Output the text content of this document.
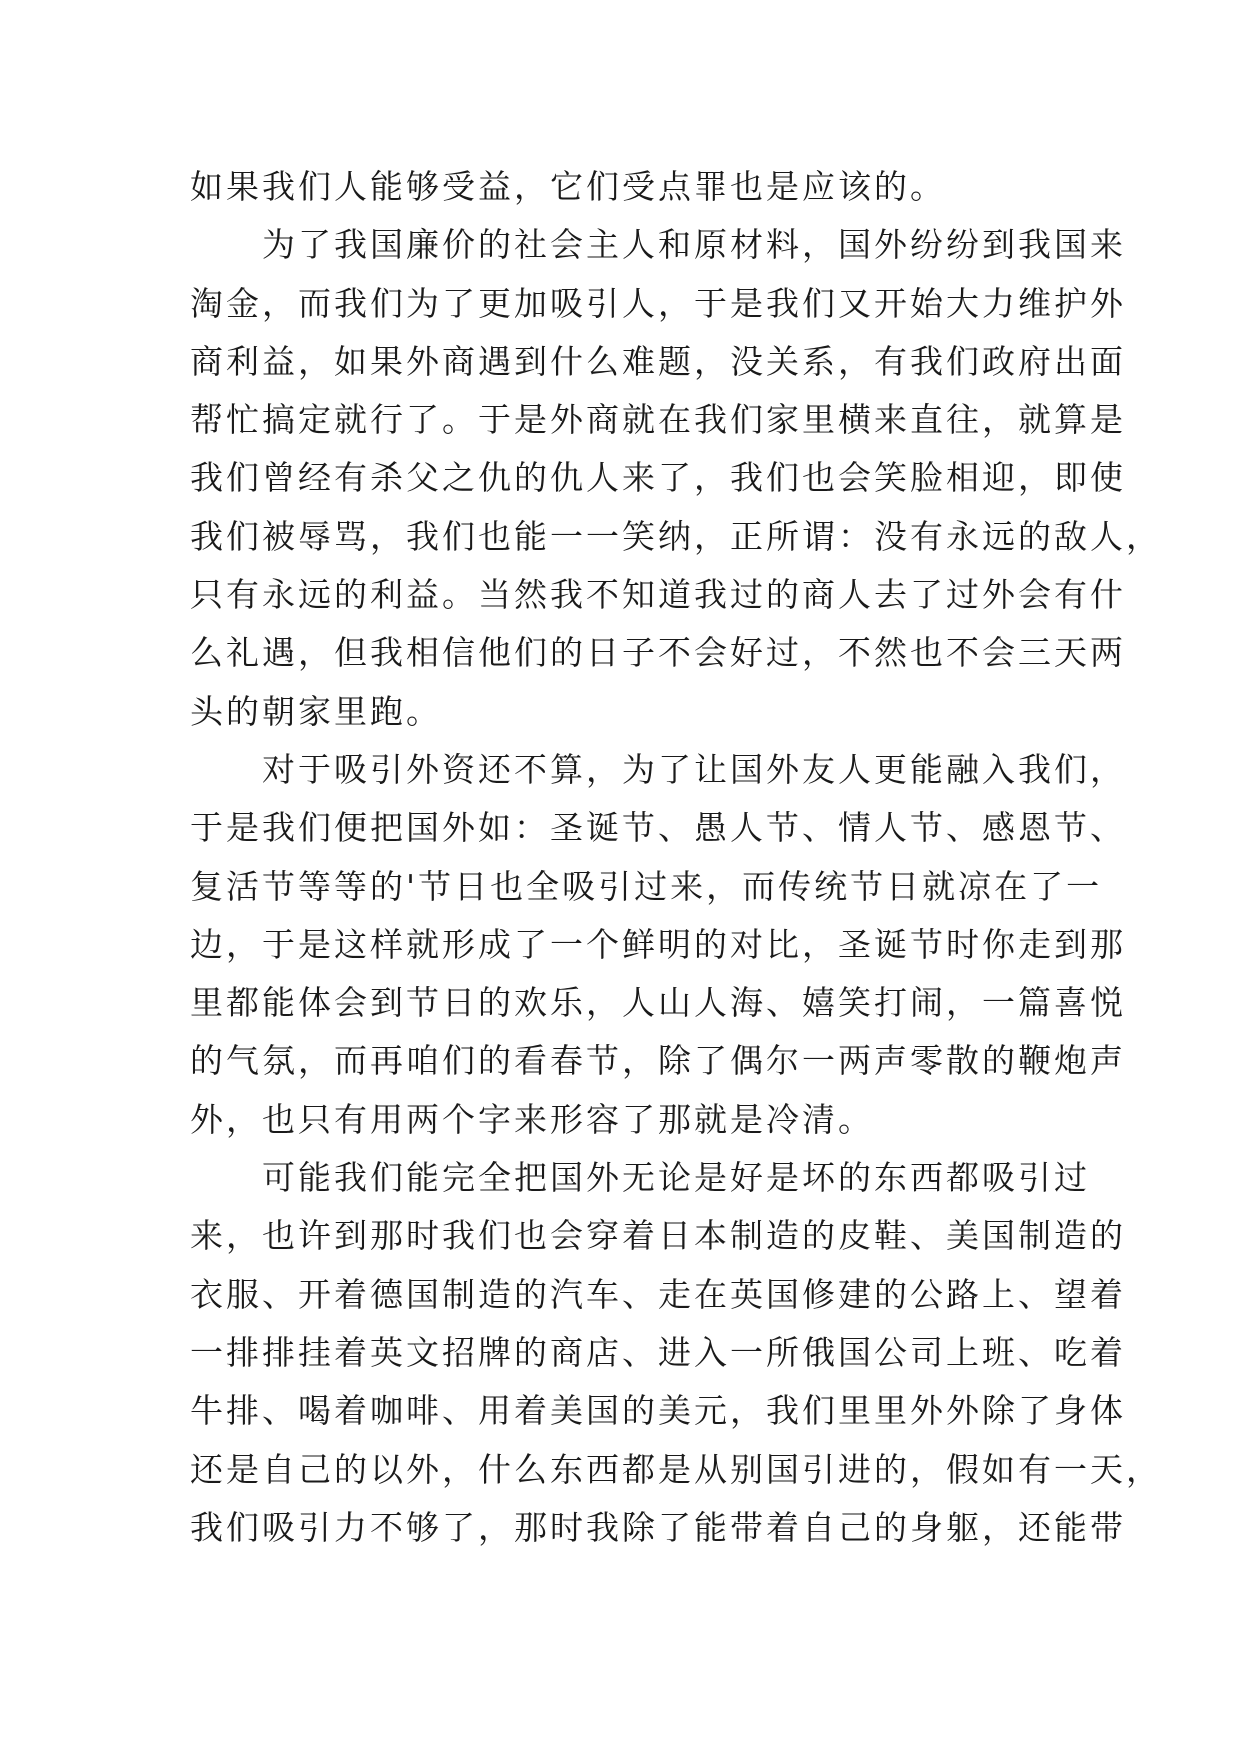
如果我们人能够受益，它们受点罪也是应该的。

　　为了我国廉价的社会主人和原材料，国外纷纷到我国来

淘金，而我们为了更加吸引人，于是我们又开始大力维护外

商利益，如果外商遇到什么难题，没关系，有我们政府出面

帮忙搞定就行了。于是外商就在我们家里横来直往，就算是

我们曾经有杀父之仇的仇人来了，我们也会笑脸相迎，即使

我们被辱骂，我们也能一一笑纳，正所谓：没有永远的敌人，

只有永远的利益。当然我不知道我过的商人去了过外会有什

么礼遇，但我相信他们的日子不会好过，不然也不会三天两

头的朝家里跑。

　　对于吸引外资还不算，为了让国外友人更能融入我们，

于是我们便把国外如：圣诞节、愚人节、情人节、感恩节、

复活节等等的'节日也全吸引过来，而传统节日就凉在了一

边，于是这样就形成了一个鲜明的对比，圣诞节时你走到那

里都能体会到节日的欢乐，人山人海、嬉笑打闹，一篇喜悦

的气氛，而再咱们的看春节，除了偶尔一两声零散的鞭炮声

外，也只有用两个字来形容了那就是冷清。

　　可能我们能完全把国外无论是好是坏的东西都吸引过

来，也许到那时我们也会穿着日本制造的皮鞋、美国制造的

衣服、开着德国制造的汽车、走在英国修建的公路上、望着

一排排挂着英文招牌的商店、进入一所俄国公司上班、吃着

牛排、喝着咖啡、用着美国的美元，我们里里外外除了身体

还是自己的以外，什么东西都是从别国引进的，假如有一天，

我们吸引力不够了，那时我除了能带着自己的身躯，还能带
